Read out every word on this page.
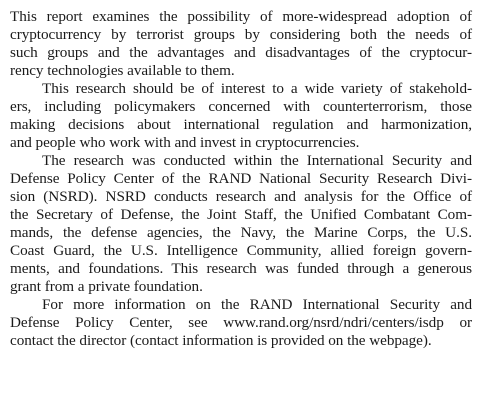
This report examines the possibility of more-widespread adoption of
cryptocurrency by terrorist groups by considering both the needs of
such groups and the advantages and disadvantages of the cryptocur-
rency technologies available to them.
This research should be of interest to a wide variety of stakehold-
ers, including policymakers concerned with counterterrorism, those
making decisions about international regulation and harmonization,
and people who work with and invest in cryptocurrencies.
The research was conducted within the International Security and
Defense Policy Center of the RAND National Security Research Divi-
sion (NSRD). NSRD conducts research and analysis for the Office of
the Secretary of Defense, the Joint Staff, the Unified Combatant Com-
mands, the defense agencies, the Navy, the Marine Corps, the U.S.
Coast Guard, the U.S. Intelligence Community, allied foreign govern-
ments, and foundations. This research was funded through a generous
grant from a private foundation.
For more information on the RAND International Security and
Defense Policy Center, see www.rand.org/nsrd/ndri/centers/isdp or
contact the director (contact information is provided on the webpage).
